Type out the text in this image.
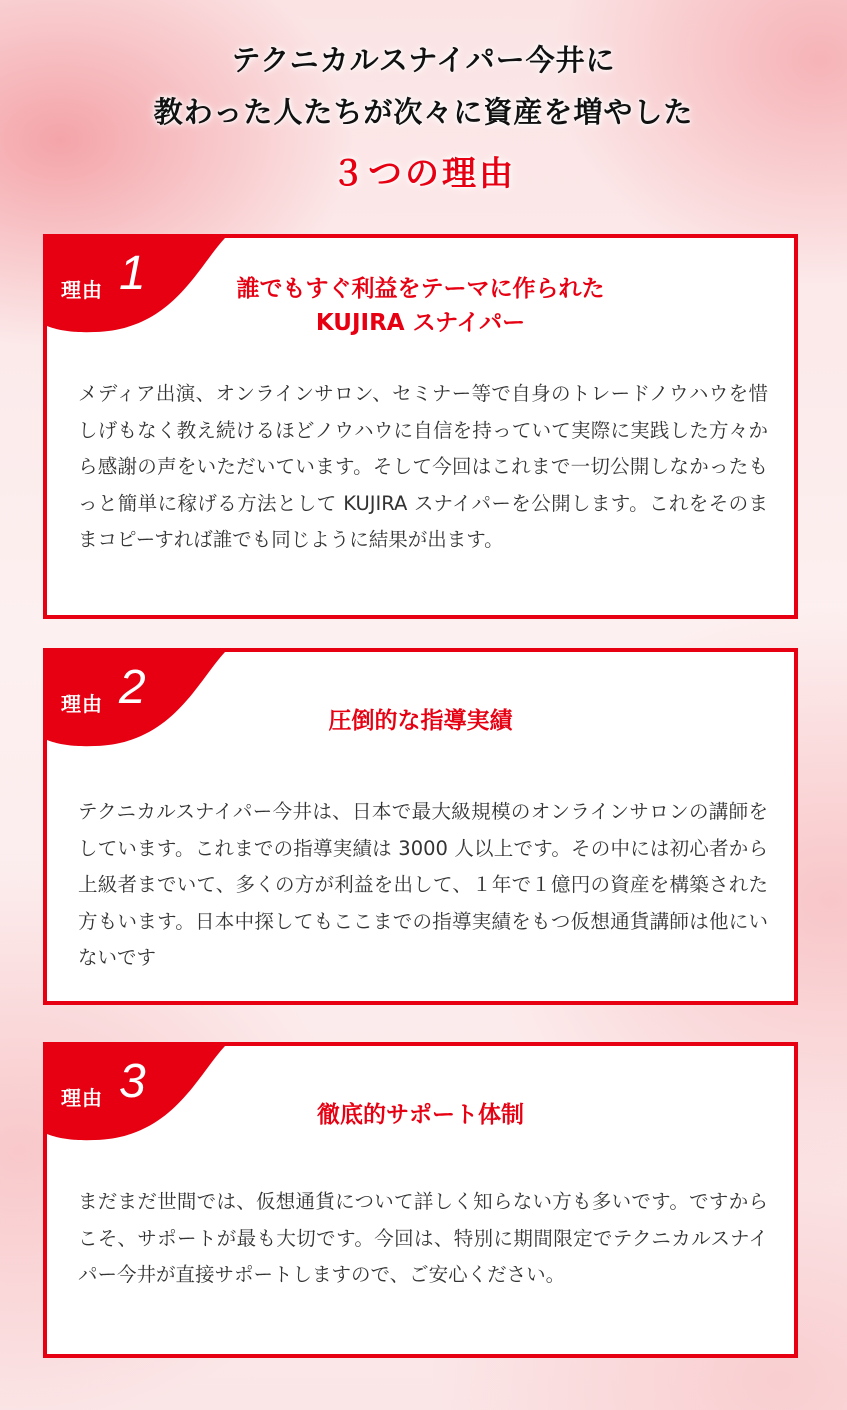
テクニカルスナイパー今井に
教わった人たちが次々に資産を増やした
３つの理由
理由 1	誰でもすぐ利益をテーマに作られた
KUJIRA スナイパー
メディア出演、オンラインサロン、セミナー等で自身のトレードノウハウを惜しげもなく教え続けるほどノウハウに自信を持っていて実際に実践した方々から感謝の声をいただいています。そして今回はこれまで一切公開しなかったもっと簡単に稼げる方法として KUJIRA スナイパーを公開します。これをそのままコピーすれば誰でも同じように結果が出ます。
理由 2
圧倒的な指導実績
テクニカルスナイパー今井は、日本で最大級規模のオンラインサロンの講師をしています。これまでの指導実績は 3000 人以上です。その中には初心者から上級者までいて、多くの方が利益を出して、１年で１億円の資産を構築された方もいます。日本中探してもここまでの指導実績をもつ仮想通貨講師は他にいないです
理由 3
徹底的サポート体制
まだまだ世間では、仮想通貨について詳しく知らない方も多いです。ですからこそ、サポートが最も大切です。今回は、特別に期間限定でテクニカルスナイパー今井が直接サポートしますので、ご安心ください。
